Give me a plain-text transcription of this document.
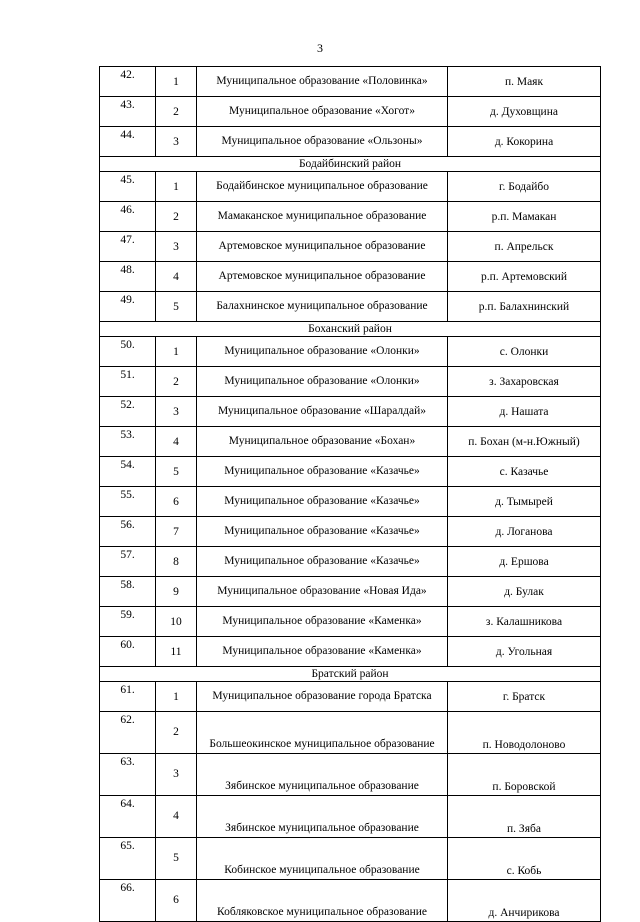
3
42.	1	Муниципальное образование «Половинка»	п. Маяк
43.	2	Муниципальное образование «Хогот»	д. Духовщина
44.	3	Муниципальное образование «Ользоны»	д. Кокорина
Бодайбинский район			
45.	1	Бодайбинское муниципальное образование	г. Бодайбо
46.	2	Мамаканское муниципальное образование	р.п. Мамакан
47.	3	Артемовское муниципальное образование	п. Апрельск
48.	4	Артемовское муниципальное образование	р.п. Артемовский
49.	5	Балахнинское муниципальное образование	р.п. Балахнинский
Боханский район			
50.	1	Муниципальное образование «Олонки»	с. Олонки
51.	2	Муниципальное образование «Олонки»	з. Захаровская
52.	3	Муниципальное образование «Шаралдай»	д. Нашата
53.	4	Муниципальное образование «Бохан»	п. Бохан (м-н.Южный)
54.	5	Муниципальное образование «Казачье»	с. Казачье
55.	6	Муниципальное образование «Казачье»	д. Тымырей
56.	7	Муниципальное образование «Казачье»	д. Логанова
57.	8	Муниципальное образование «Казачье»	д. Ершова
58.	9	Муниципальное образование «Новая Ида»	д. Булак
59.	10	Муниципальное образование «Каменка»	з. Калашникова
60.	11	Муниципальное образование «Каменка»	д. Угольная
Братский район			
61.	1	Муниципальное образование города Братска	г. Братск
62.	2	Большеокинское муниципальное образование	п. Новодолоново
63.	3	Зябинское муниципальное образование	п. Боровской
64.	4	Зябинское муниципальное образование	п. Зяба
65.	5	Кобинское муниципальное образование	с. Кобь
66.	6	Кобляковское муниципальное образование	д. Анчирикова
